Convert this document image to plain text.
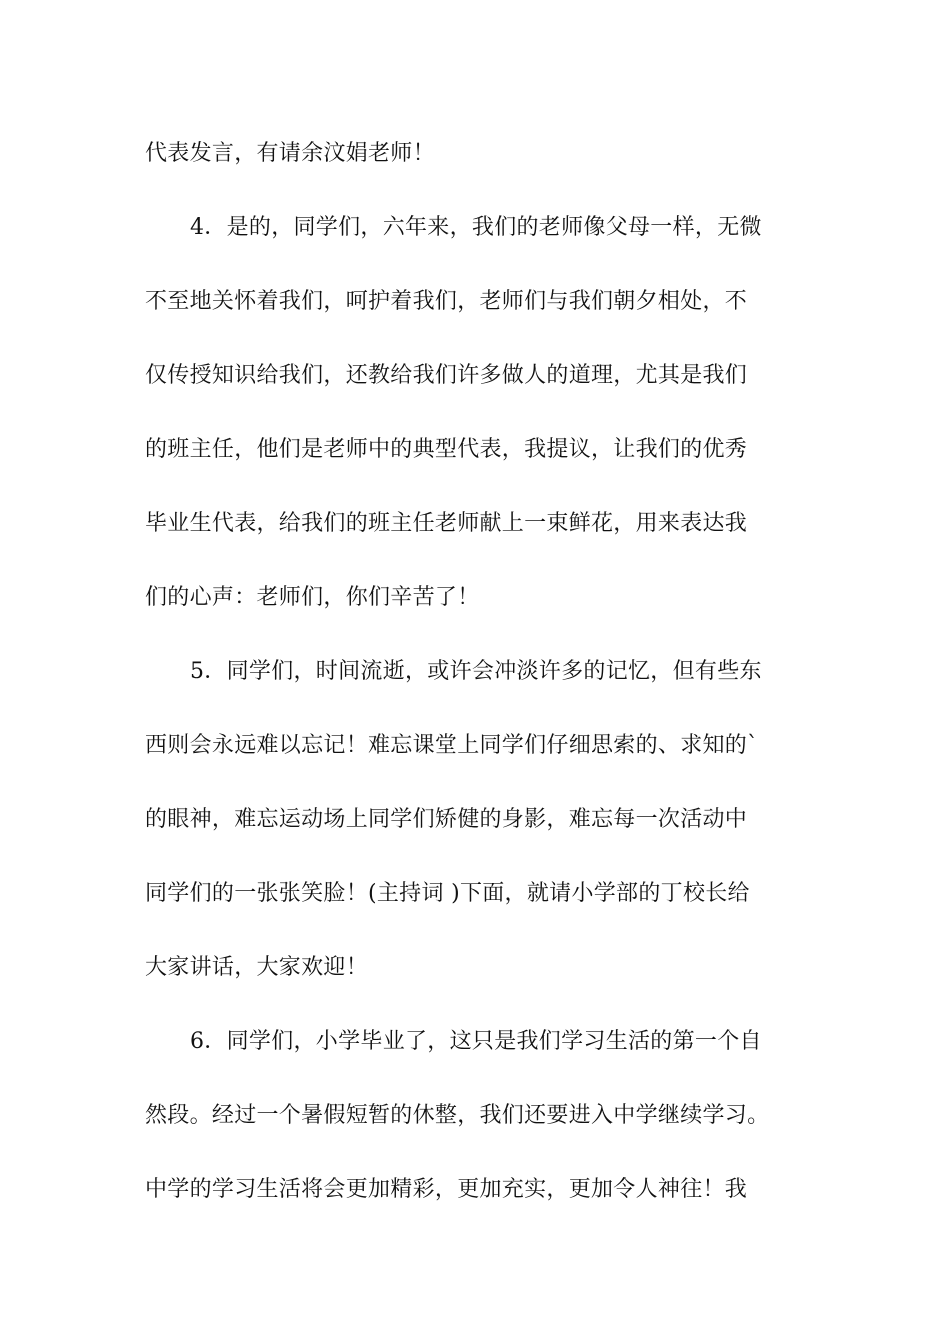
代表发言，有请余汶娟老师！
4．是的，同学们，六年来，我们的老师像父母一样，无微
不至地关怀着我们，呵护着我们，老师们与我们朝夕相处，不
仅传授知识给我们，还教给我们许多做人的道理，尤其是我们
的班主任，他们是老师中的典型代表，我提议，让我们的优秀
毕业生代表，给我们的班主任老师献上一束鲜花，用来表达我
们的心声：老师们，你们辛苦了！
5．同学们，时间流逝，或许会冲淡许多的记忆，但有些东
西则会永远难以忘记！难忘课堂上同学们仔细思索的、求知的`
的眼神，难忘运动场上同学们矫健的身影，难忘每一次活动中
同学们的一张张笑脸！(主持词 )下面，就请小学部的丁校长给
大家讲话，大家欢迎！
6．同学们，小学毕业了，这只是我们学习生活的第一个自
然段。经过一个暑假短暂的休整，我们还要进入中学继续学习。
中学的学习生活将会更加精彩，更加充实，更加令人神往！我
